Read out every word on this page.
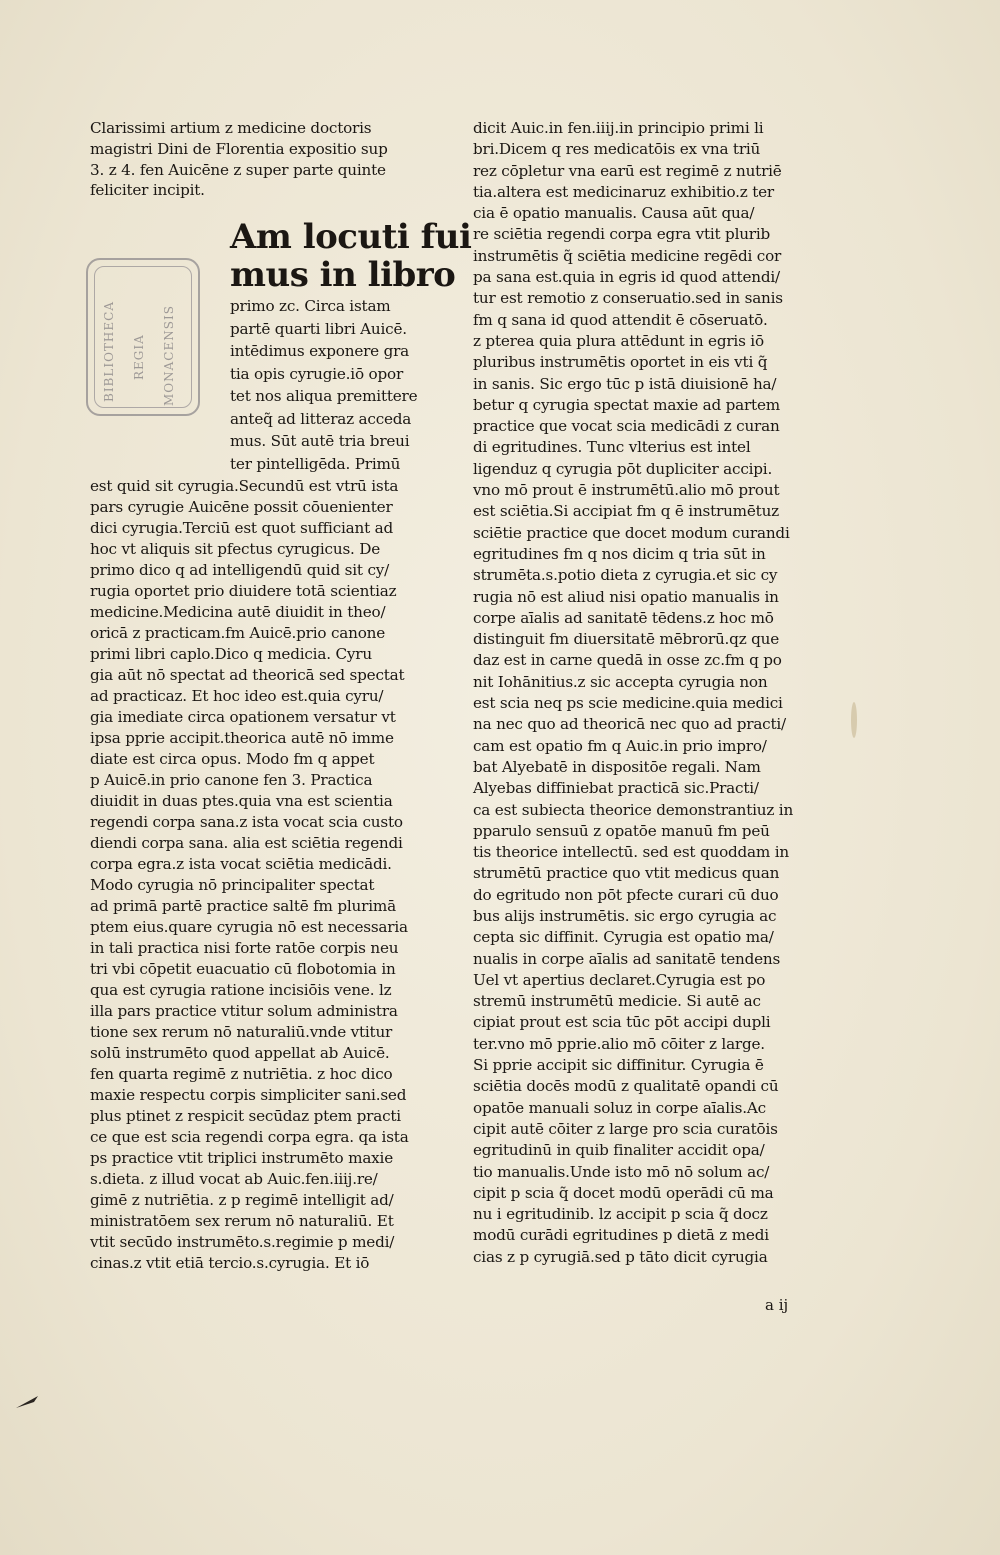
Clarissimi artium z medicine doctoris
magistri Dini de Florentia expositio sup
3. z 4. fen Auicēne z super parte quinte
feliciter incipit.
Am locuti fui
mus in libro
BIBLIOTHECA REGIA MONACENSIS	primo zc. Circa istam
partē quarti libri Auicē.
intēdimus exponere gra
tia opis cyrugie.iō opor
tet nos aliqua premittere
anteq̃ ad litteraz acceda
mus. Sūt autē tria breui
ter pintelligēda. Primū
est quid sit cyrugia.Secundū est vtrū ista
pars cyrugie Auicēne possit cōuenienter
dici cyrugia.Terciū est quot sufficiant ad
hoc vt aliquis sit pfectus cyrugicus. De
primo dico q ad intelligendū quid sit cy/
rugia oportet prio diuidere totā scientiaz
medicine.Medicina autē diuidit in theo/
oricā z practicam.fm Auicē.prio canone
primi libri caplo.Dico q medicia. Cyru
gia aūt nō spectat ad theoricā sed spectat
ad practicaz. Et hoc ideo est.quia cyru/
gia imediate circa opationem versatur vt
ipsa pprie accipit.theorica autē nō imme
diate est circa opus. Modo fm q appet
p Auicē.in prio canone fen 3. Practica
diuidit in duas ptes.quia vna est scientia
regendi corpa sana.z ista vocat scia custo
diendi corpa sana. alia est sciētia regendi
corpa egra.z ista vocat sciētia medicādi.
Modo cyrugia nō principaliter spectat
ad primā partē practice saltē fm plurimā
ptem eius.quare cyrugia nō est necessaria
in tali practica nisi forte ratōe corpis neu
tri vbi cōpetit euacuatio cū flobotomia in
qua est cyrugia ratione incisiōis vene. lz
illa pars practice vtitur solum administra
tione sex rerum nō naturaliū.vnde vtitur
solū instrumēto quod appellat ab Auicē.
fen quarta regimē z nutriētia. z hoc dico
maxie respectu corpis simpliciter sani.sed
plus ptinet z respicit secūdaz ptem practi
ce que est scia regendi corpa egra. qa ista
ps practice vtit triplici instrumēto maxie
s.dieta. z illud vocat ab Auic.fen.iiij.re/
gimē z nutriētia. z p regimē intelligit ad/
ministratōem sex rerum nō naturaliū. Et
vtit secūdo instrumēto.s.regimie p medi/
cinas.z vtit etiā tercio.s.cyrugia. Et iō
dicit Auic.in fen.iiij.in principio primi li
bri.Dicem q res medicatōis ex vna triū
rez cōpletur vna earū est regimē z nutriē
tia.altera est medicinaruz exhibitio.z ter
cia ē opatio manualis. Causa aūt qua/
re sciētia regendi corpa egra vtit plurib
instrumētis q̃ sciētia medicine regēdi cor
pa sana est.quia in egris id quod attendi/
tur est remotio z conseruatio.sed in sanis
fm q sana id quod attendit ē cōseruatō.
z pterea quia plura attēdunt in egris iō
pluribus instrumētis oportet in eis vti q̃
in sanis. Sic ergo tūc p istā diuisionē ha/
betur q cyrugia spectat maxie ad partem
practice que vocat scia medicādi z curan
di egritudines. Tunc vlterius est intel
ligenduz q cyrugia pōt dupliciter accipi.
vno mō prout ē instrumētū.alio mō prout
est sciētia.Si accipiat fm q ē instrumētuz
sciētie practice que docet modum curandi
egritudines fm q nos dicim q tria sūt in
strumēta.s.potio dieta z cyrugia.et sic cy
rugia nō est aliud nisi opatio manualis in
corpe aīalis ad sanitatē tēdens.z hoc mō
distinguit fm diuersitatē mēbrorū.qz que
daz est in carne quedā in osse zc.fm q po
nit Iohānitius.z sic accepta cyrugia non
est scia neq ps scie medicine.quia medici
na nec quo ad theoricā nec quo ad practi/
cam est opatio fm q Auic.in prio impro/
bat Alyebatē in dispositōe regali. Nam
Alyebas diffiniebat practicā sic.Practi/
ca est subiecta theorice demonstrantiuz in
pparulo sensuū z opatōe manuū fm peū
tis theorice intellectū. sed est quoddam in
strumētū practice quo vtit medicus quan
do egritudo non pōt pfecte curari cū duo
bus alijs instrumētis. sic ergo cyrugia ac
cepta sic diffinit. Cyrugia est opatio ma/
nualis in corpe aīalis ad sanitatē tendens
Uel vt apertius declaret.Cyrugia est po
stremū instrumētū medicie. Si autē ac
cipiat prout est scia tūc pōt accipi dupli
ter.vno mō pprie.alio mō cōiter z large.
Si pprie accipit sic diffinitur. Cyrugia ē
sciētia docēs modū z qualitatē opandi cū
opatōe manuali soluz in corpe aīalis.Ac
cipit autē cōiter z large pro scia curatōis
egritudinū in quib finaliter accidit opa/
tio manualis.Unde isto mō nō solum ac/
cipit p scia q̃ docet modū operādi cū ma
nu i egritudinib. lz accipit p scia q̃ docz
modū curādi egritudines p dietā z medi
cias z p cyrugiā.sed p tāto dicit cyrugia
a ij
